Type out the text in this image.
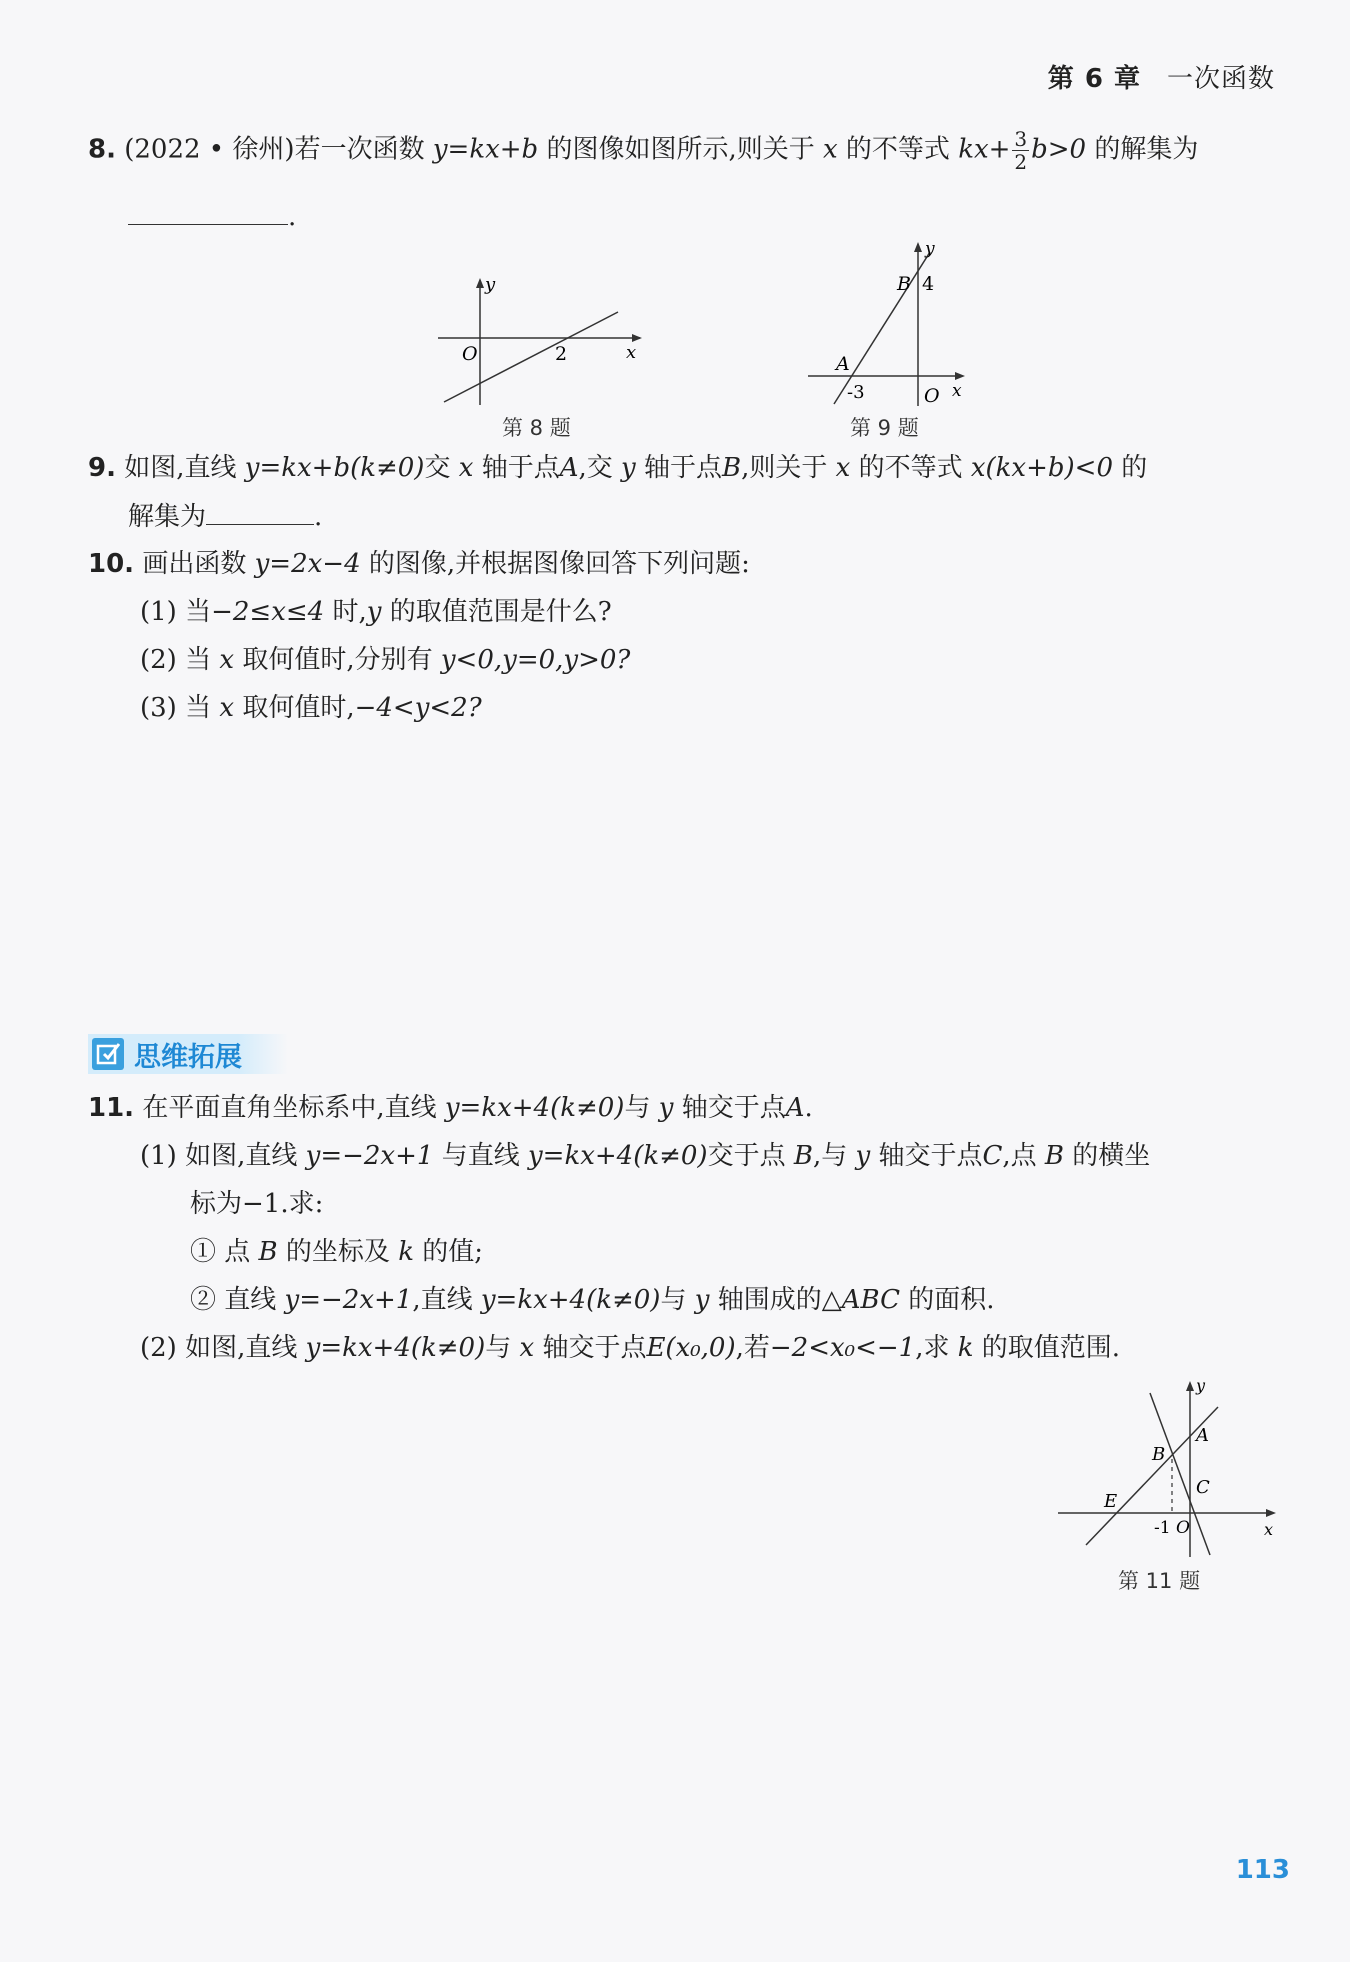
第 6 章 一次函数
8. (2022 • 徐州)若一次函数 y=kx+b 的图像如图所示,则关于 x 的不等式 $kx+ \frac{3}{2} b>0$ 的解集为
.
y
x
O	2
第 8 题
y
x
O
A
B
-3
4
第 9 题
9. 如图,直线 y=kx+b(k≠0)交 x 轴于点A,交 y 轴于点B,则关于 x 的不等式 x(kx+b)<0 的
解集为	.
10. 画出函数 y=2x−4 的图像,并根据图像回答下列问题:
(1) 当−2≤x≤4 时,y 的取值范围是什么?
(2) 当 x 取何值时,分别有 y<0,y=0,y>0?
(3) 当 x 取何值时,−4<y<2?
思维拓展
11. 在平面直角坐标系中,直线 y=kx+4(k≠0)与 y 轴交于点A.
(1) 如图,直线 y=−2x+1 与直线 y=kx+4(k≠0)交于点 B,与 y 轴交于点C,点 B 的横坐
标为−1.求:
① 点 B 的坐标及 k 的值;
② 直线 y=−2x+1,直线 y=kx+4(k≠0)与 y 轴围成的△ABC 的面积.
(2) 如图,直线 y=kx+4(k≠0)与 x 轴交于点E(x₀,0),若−2<x₀<−1,求 k 的取值范围.
y
x
A
B
C
E
-1 O
第 11 题
113
